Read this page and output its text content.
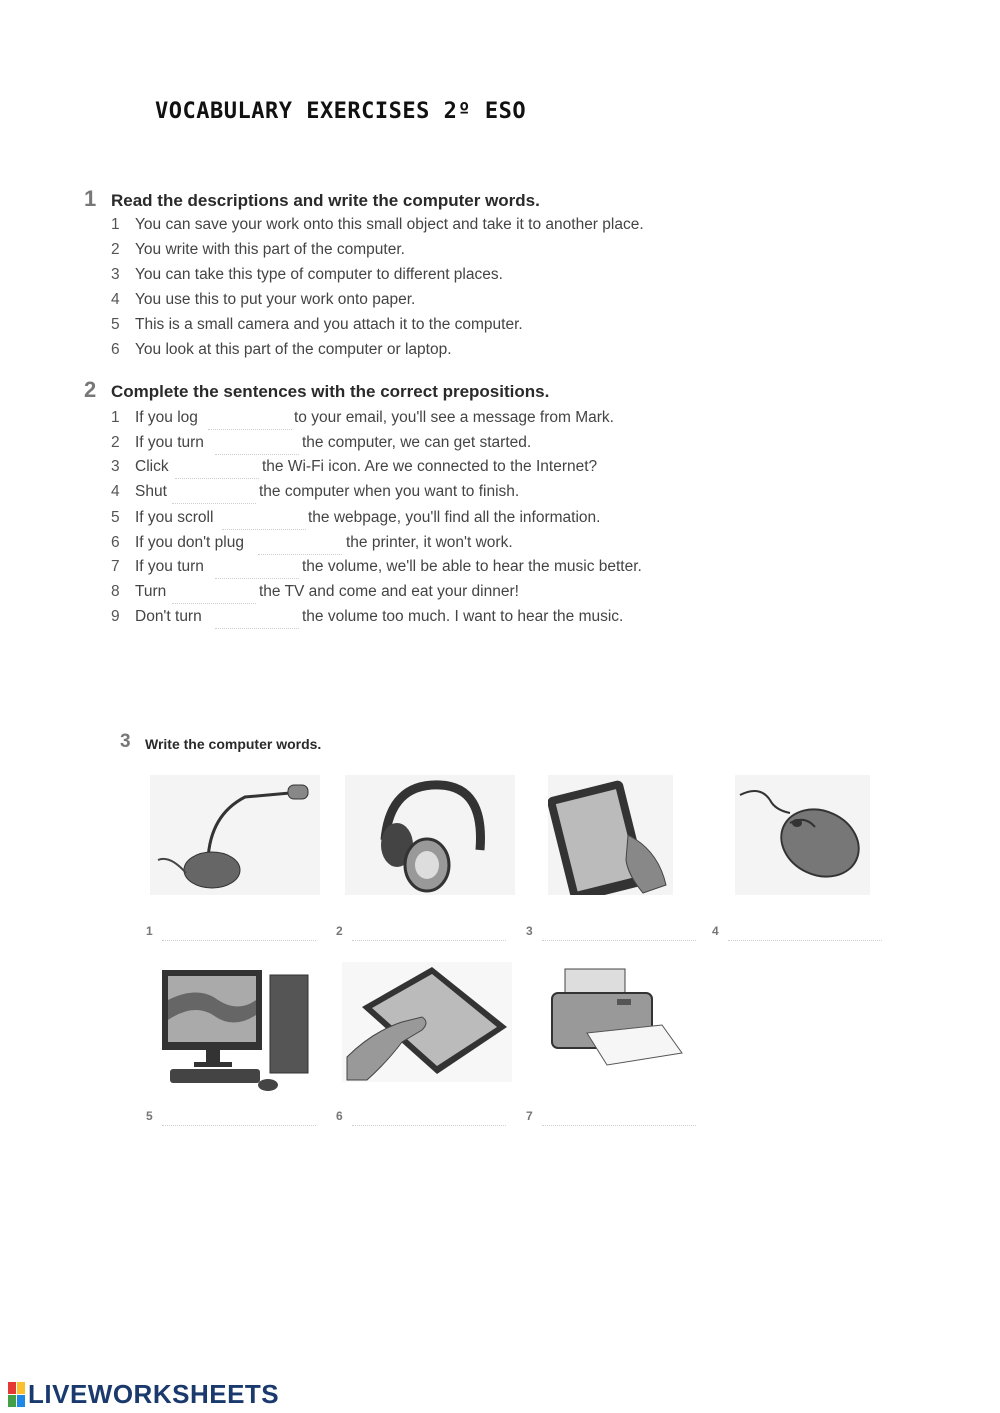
VOCABULARY EXERCISES 2º ESO
1 Read the descriptions and write the computer words.
1 You can save your work onto this small object and take it to another place.
2 You write with this part of the computer.
3 You can take this type of computer to different places.
4 You use this to put your work onto paper.
5 This is a small camera and you attach it to the computer.
6 You look at this part of the computer or laptop.
2 Complete the sentences with the correct prepositions.
1 If you log	to your email, you'll see a message from Mark.
2 If you turn	the computer, we can get started.
3 Click	the Wi-Fi icon. Are we connected to the Internet?
4 Shut	the computer when you want to finish.
5 If you scroll	the webpage, you'll find all the information.
6 If you don't plug	the printer, it won't work.
7 If you turn	the volume, we'll be able to hear the music better.
8 Turn	the TV and come and eat your dinner!
9 Don't turn	the volume too much. I want to hear the music.
3 Write the computer words.
1	2	3	4
5	6	7
LIVEWORKSHEETS
